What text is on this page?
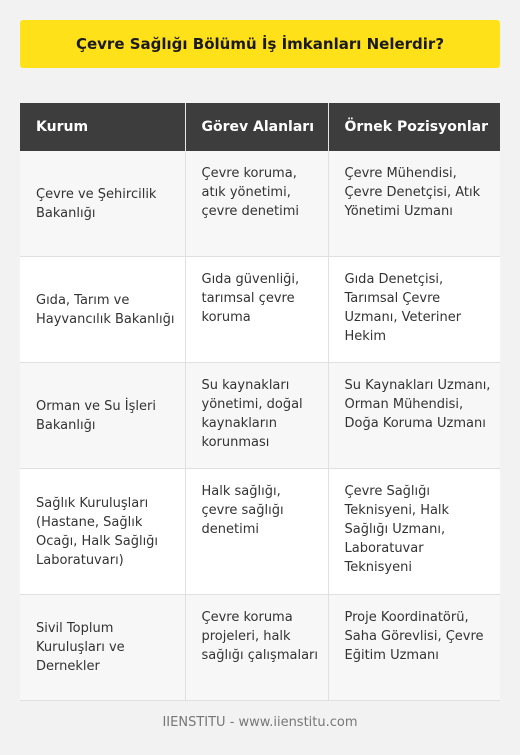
Çevre Sağlığı Bölümü İş İmkanları Nelerdir?
Kurum	Görev Alanları	Örnek Pozisyonlar
Çevre ve Şehircilik Bakanlığı	Çevre koruma, atık yönetimi, çevre denetimi	Çevre Mühendisi, Çevre Denetçisi, Atık Yönetimi Uzmanı
Gıda, Tarım ve Hayvancılık Bakanlığı	Gıda güvenliği, tarımsal çevre koruma	Gıda Denetçisi, Tarımsal Çevre Uzmanı, Veteriner Hekim
Orman ve Su İşleri Bakanlığı	Su kaynakları yönetimi, doğal kaynakların korunması	Su Kaynakları Uzmanı, Orman Mühendisi, Doğa Koruma Uzmanı
Sağlık Kuruluşları (Hastane, Sağlık Ocağı, Halk Sağlığı Laboratuvarı)	Halk sağlığı, çevre sağlığı denetimi	Çevre Sağlığı Teknisyeni, Halk Sağlığı Uzmanı, Laboratuvar Teknisyeni
Sivil Toplum Kuruluşları ve Dernekler	Çevre koruma projeleri, halk sağlığı çalışmaları	Proje Koordinatörü, Saha Görevlisi, Çevre Eğitim Uzmanı
IIENSTITU - www.iienstitu.com
